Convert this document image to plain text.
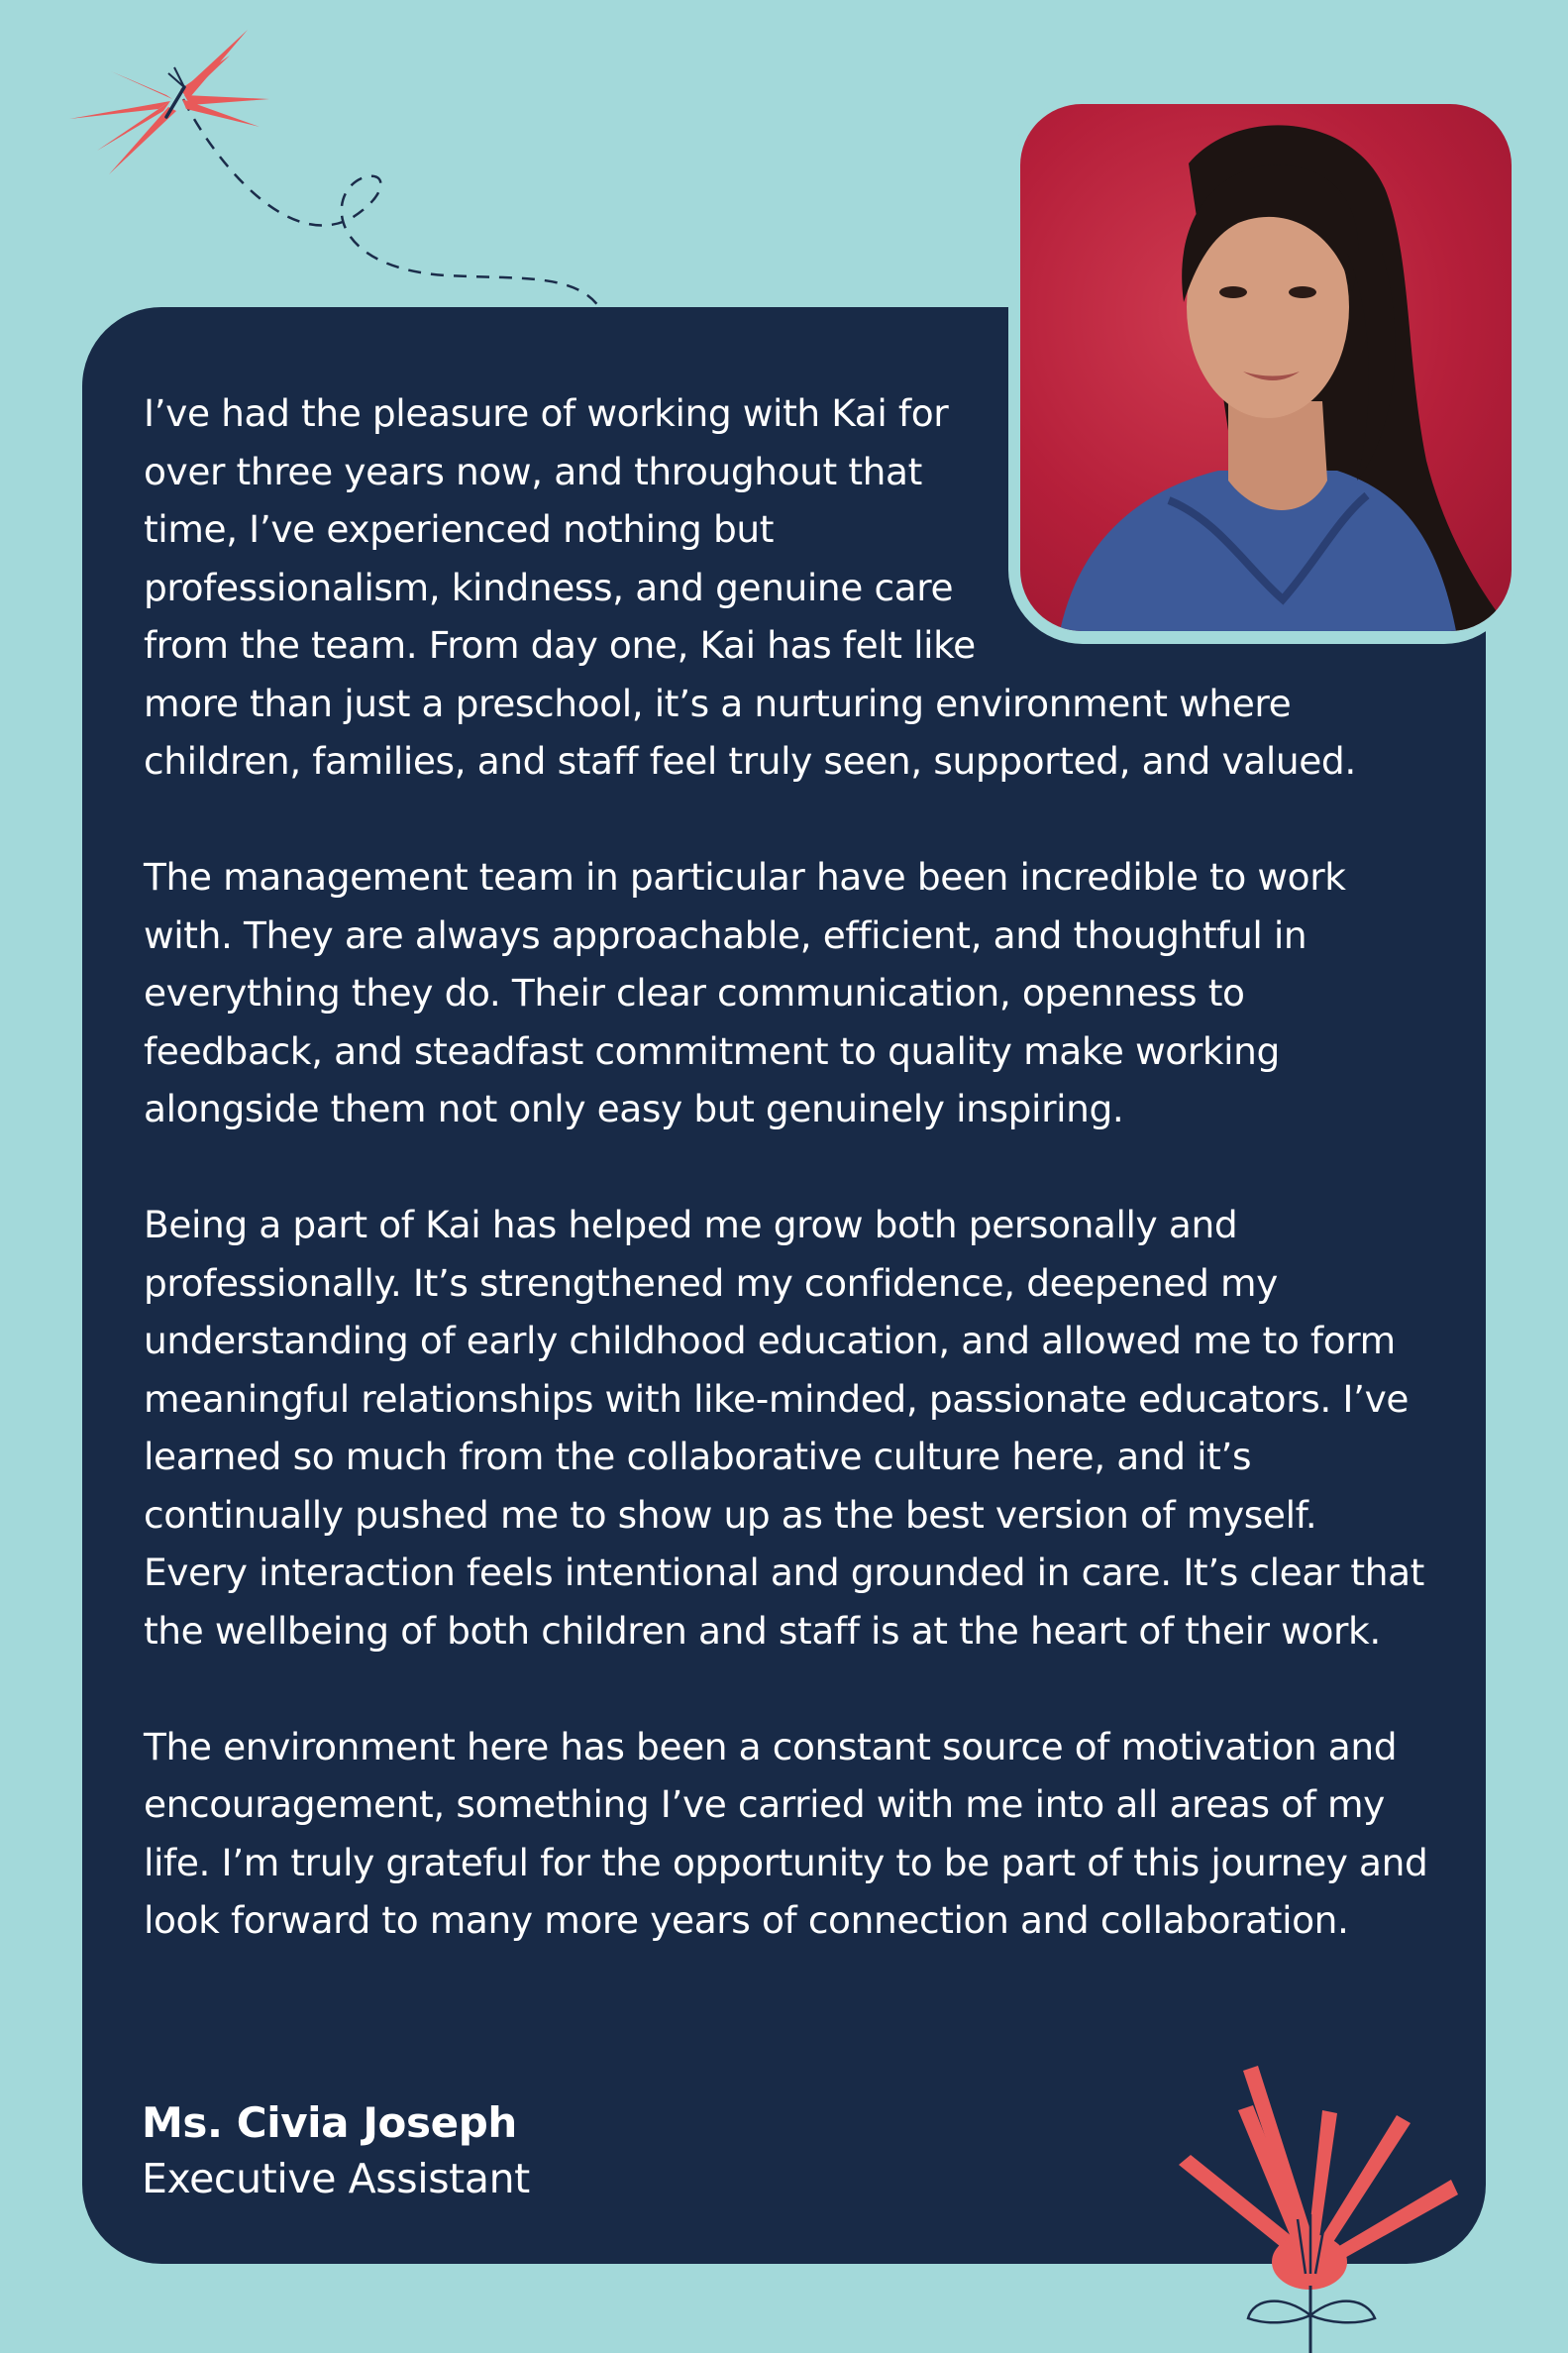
I’ve had the pleasure of working with Kai for over three years now, and throughout that time, I’ve experienced nothing but professionalism, kindness, and genuine care from the team. From day one, Kai has felt like more than just a preschool, it’s a nurturing environment where children, families, and staff feel truly seen, supported, and valued.

The management team in particular have been incredible to work with. They are always approachable, efficient, and thoughtful in everything they do. Their clear communication, openness to feedback, and steadfast commitment to quality make working alongside them not only easy but genuinely inspiring.

Being a part of Kai has helped me grow both personally and professionally. It’s strengthened my confidence, deepened my understanding of early childhood education, and allowed me to form meaningful relationships with like-minded, passionate educators. I’ve learned so much from the collaborative culture here, and it’s continually pushed me to show up as the best version of myself. Every interaction feels intentional and grounded in care. It’s clear that the wellbeing of both children and staff is at the heart of their work.

The environment here has been a constant source of motivation and encouragement, something I’ve carried with me into all areas of my life. I’m truly grateful for the opportunity to be part of this journey and look forward to many more years of connection and collaboration.

Ms. Civia Joseph
Executive Assistant
